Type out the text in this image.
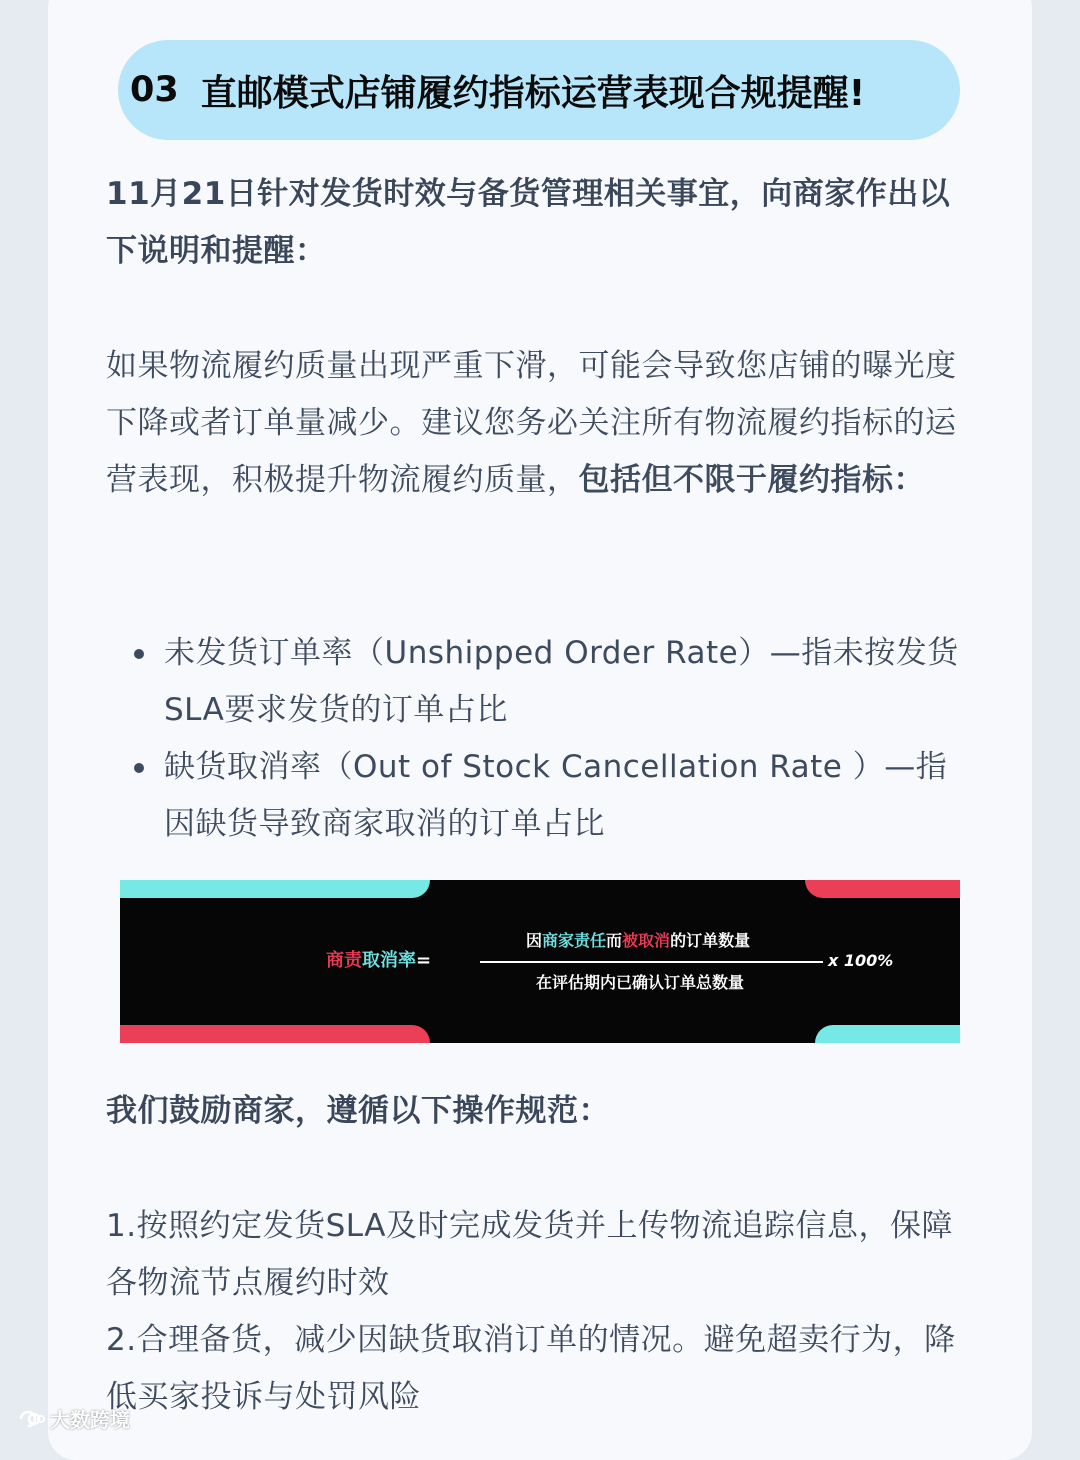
03 直邮模式店铺履约指标运营表现合规提醒!
11月21日针对发货时效与备货管理相关事宜，向商家作出以下说明和提醒：
如果物流履约质量出现严重下滑，可能会导致您店铺的曝光度下降或者订单量减少。建议您务必关注所有物流履约指标的运营表现，积极提升物流履约质量，包括但不限于履约指标：
未发货订单率（Unshipped Order Rate）—指未按发货SLA要求发货的订单占比
缺货取消率（Out of Stock Cancellation Rate ）—指因缺货导致商家取消的订单占比
商责取消率=
因商家责任而被取消的订单数量
在评估期内已确认订单总数量
x 100%
我们鼓励商家，遵循以下操作规范：
1.按照约定发货SLA及时完成发货并上传物流追踪信息，保障各物流节点履约时效
2.合理备货，减少因缺货取消订单的情况。避免超卖行为，降低买家投诉与处罚风险
大数跨境
